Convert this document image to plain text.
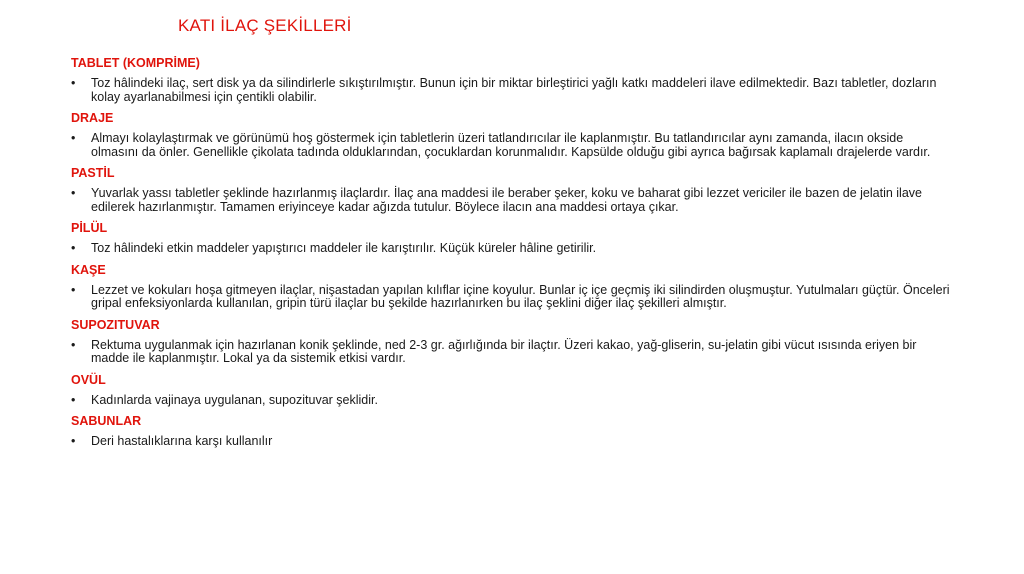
KATI İLAÇ ŞEKİLLERİ
TABLET (KOMPRİME)
•	Toz hâlindeki ilaç, sert disk ya da silindirlerle sıkıştırılmıştır. Bunun için bir miktar birleştirici yağlı katkı maddeleri ilave edilmektedir. Bazı tabletler, dozların kolay ayarlanabilmesi için çentikli olabilir.
DRAJE
•	Almayı kolaylaştırmak ve görünümü hoş göstermek için tabletlerin üzeri tatlandırıcılar ile kaplanmıştır. Bu tatlandırıcılar aynı zamanda, ilacın okside olmasını da önler. Genellikle çikolata tadında olduklarından, çocuklardan korunmalıdır. Kapsülde olduğu gibi ayrıca bağırsak kaplamalı drajelerde vardır.
PASTİL
•	Yuvarlak yassı tabletler şeklinde hazırlanmış ilaçlardır. İlaç ana maddesi ile beraber şeker, koku ve baharat gibi lezzet vericiler ile bazen de jelatin ilave edilerek hazırlanmıştır. Tamamen eriyinceye kadar ağızda tutulur. Böylece ilacın ana maddesi ortaya çıkar.
PİLÜL
•	Toz hâlindeki etkin maddeler yapıştırıcı maddeler ile karıştırılır. Küçük küreler hâline getirilir.
KAŞE
•	Lezzet ve kokuları hoşa gitmeyen ilaçlar, nişastadan yapılan kılıflar içine koyulur. Bunlar iç içe geçmiş iki silindirden oluşmuştur. Yutulmaları güçtür. Önceleri gripal enfeksiyonlarda kullanılan, gripin türü ilaçlar bu şekilde hazırlanırken bu ilaç şeklini diğer ilaç şekilleri almıştır.
SUPOZITUVAR
•	Rektuma uygulanmak için hazırlanan konik şeklinde, ned 2-3 gr. ağırlığında bir ilaçtır. Üzeri kakao, yağ-gliserin, su-jelatin gibi vücut ısısında eriyen bir madde ile kaplanmıştır. Lokal ya da sistemik etkisi vardır.
OVÜL
•	Kadınlarda vajinaya uygulanan, supozituvar şeklidir.
SABUNLAR
•	Deri hastalıklarına karşı kullanılır
